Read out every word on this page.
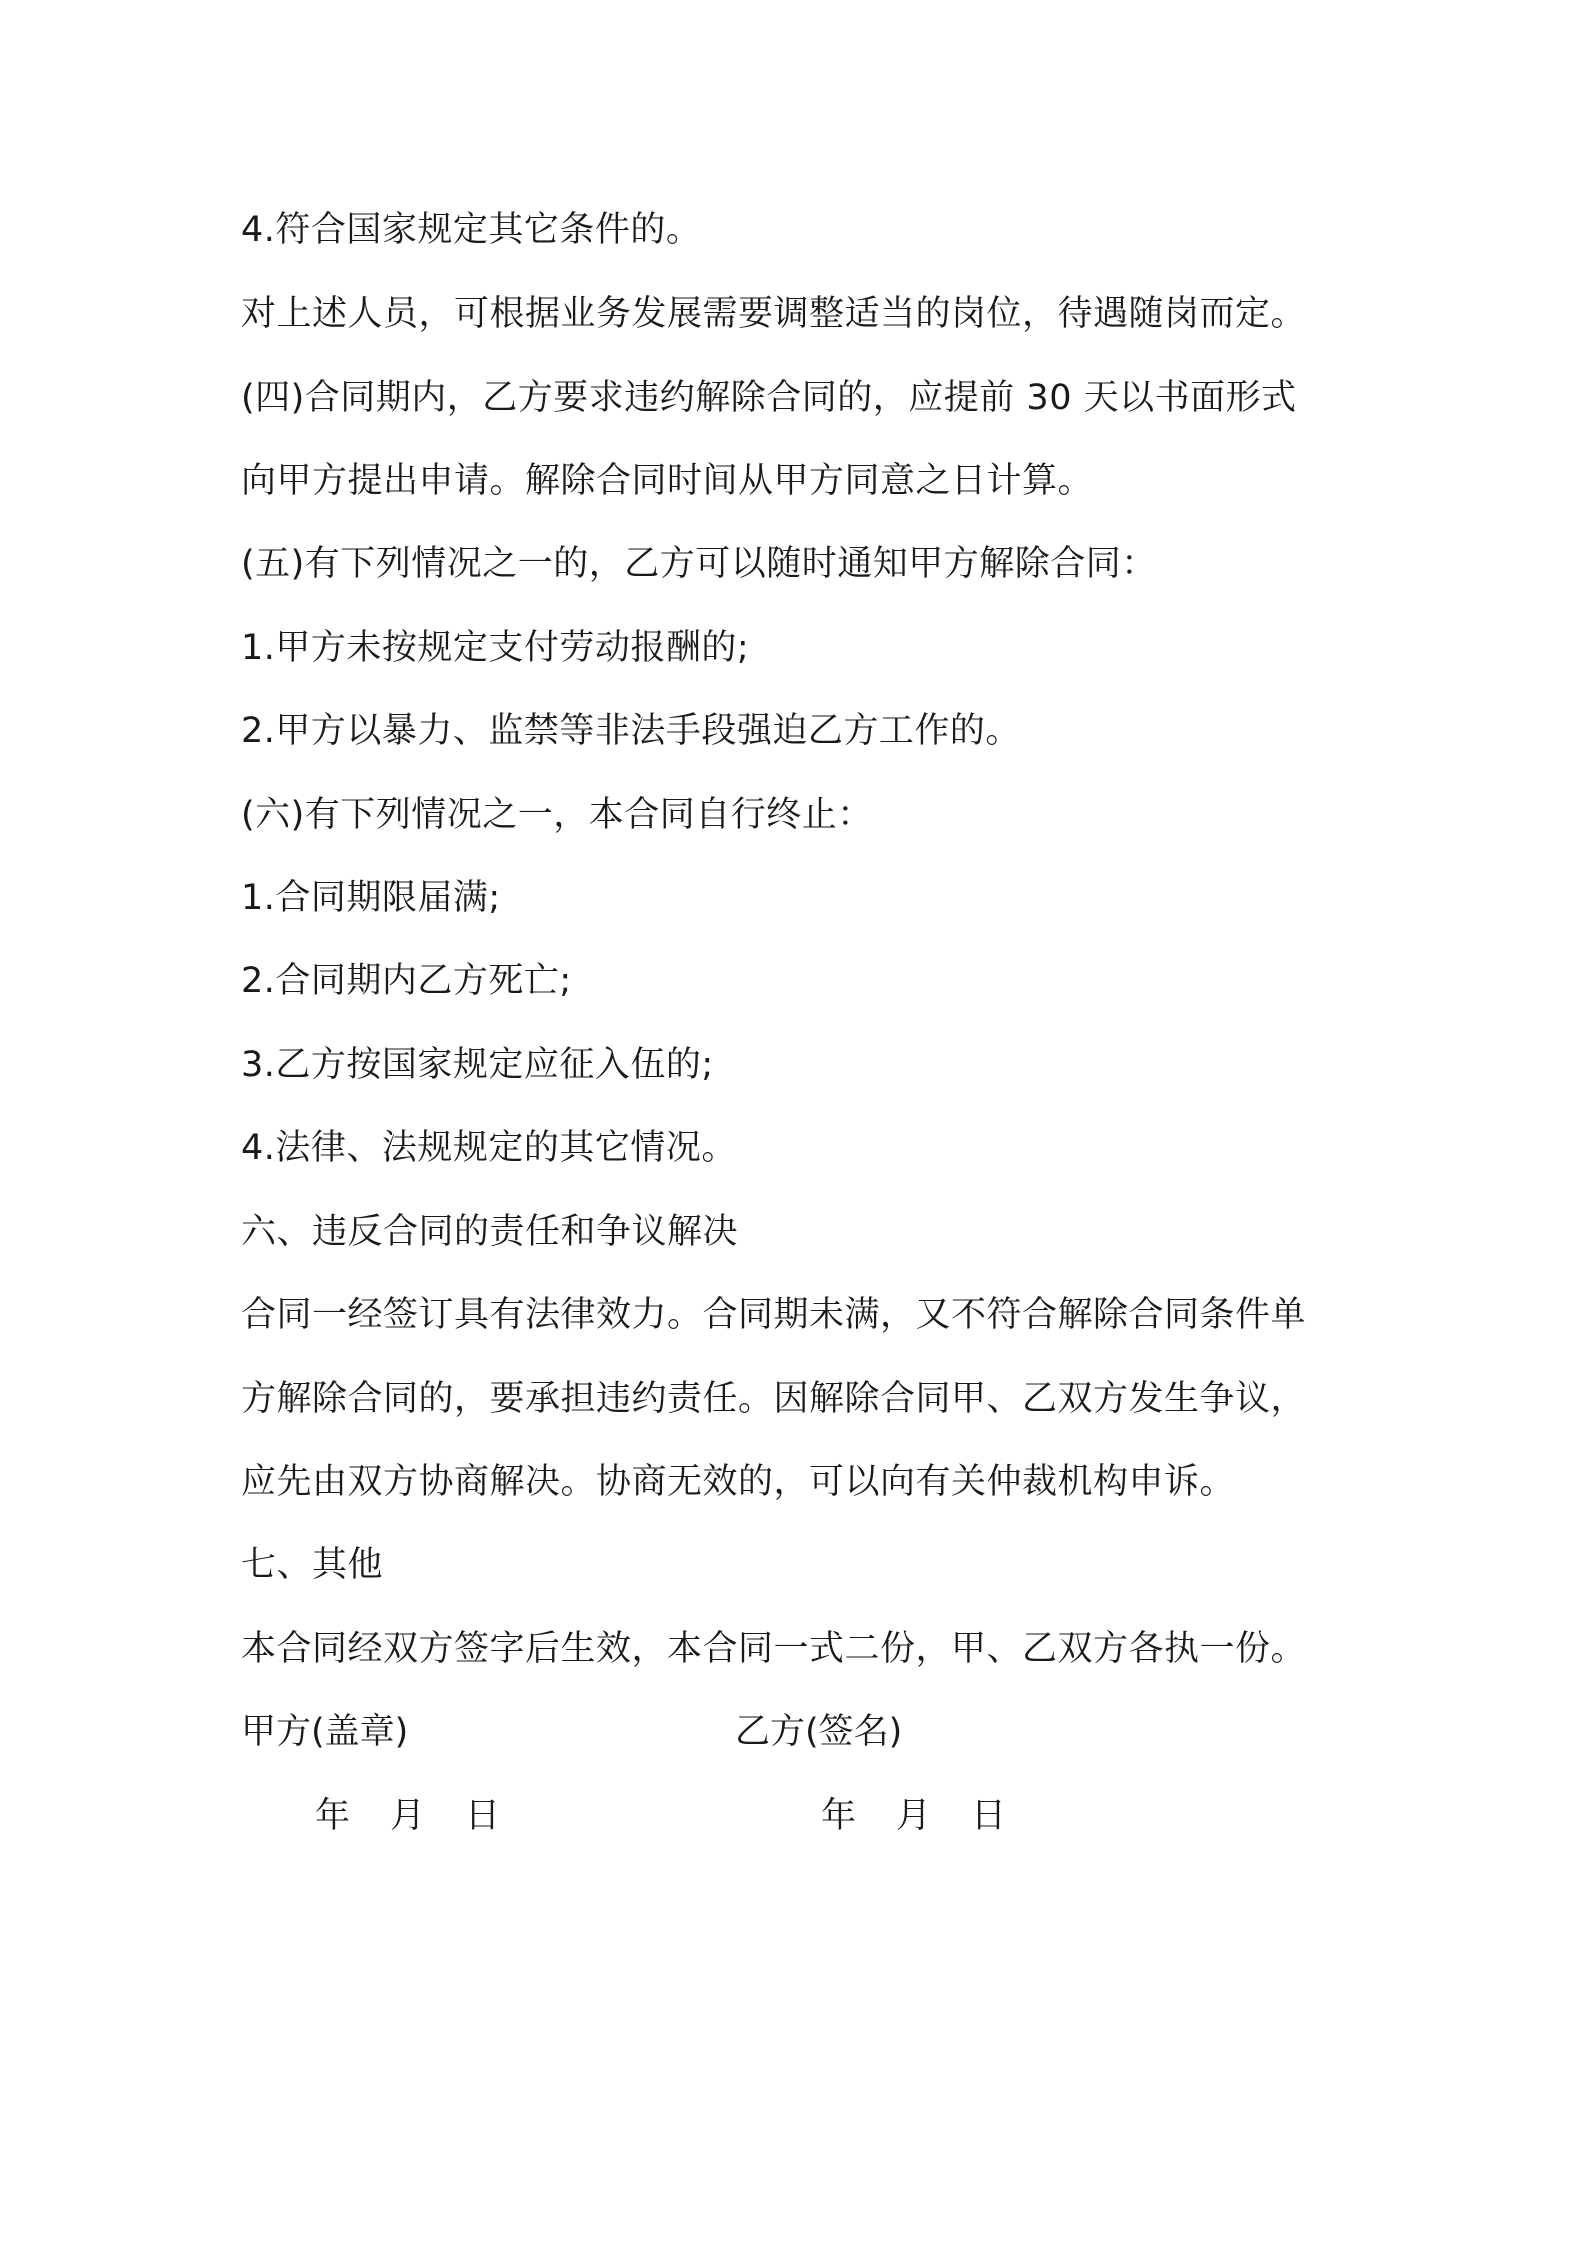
4.符合国家规定其它条件的。
对上述人员，可根据业务发展需要调整适当的岗位，待遇随岗而定。
(四)合同期内，乙方要求违约解除合同的，应提前 30 天以书面形式
向甲方提出申请。解除合同时间从甲方同意之日计算。
(五)有下列情况之一的，乙方可以随时通知甲方解除合同：
1.甲方未按规定支付劳动报酬的;
2.甲方以暴力、监禁等非法手段强迫乙方工作的。
(六)有下列情况之一，本合同自行终止：
1.合同期限届满;
2.合同期内乙方死亡;
3.乙方按国家规定应征入伍的;
4.法律、法规规定的其它情况。
六、违反合同的责任和争议解决
合同一经签订具有法律效力。合同期未满，又不符合解除合同条件单
方解除合同的，要承担违约责任。因解除合同甲、乙双方发生争议，
应先由双方协商解决。协商无效的，可以向有关仲裁机构申诉。
七、其他
本合同经双方签字后生效，本合同一式二份，甲、乙双方各执一份。
甲方(盖章)	乙方(签名)
年 月 日	年 月 日
